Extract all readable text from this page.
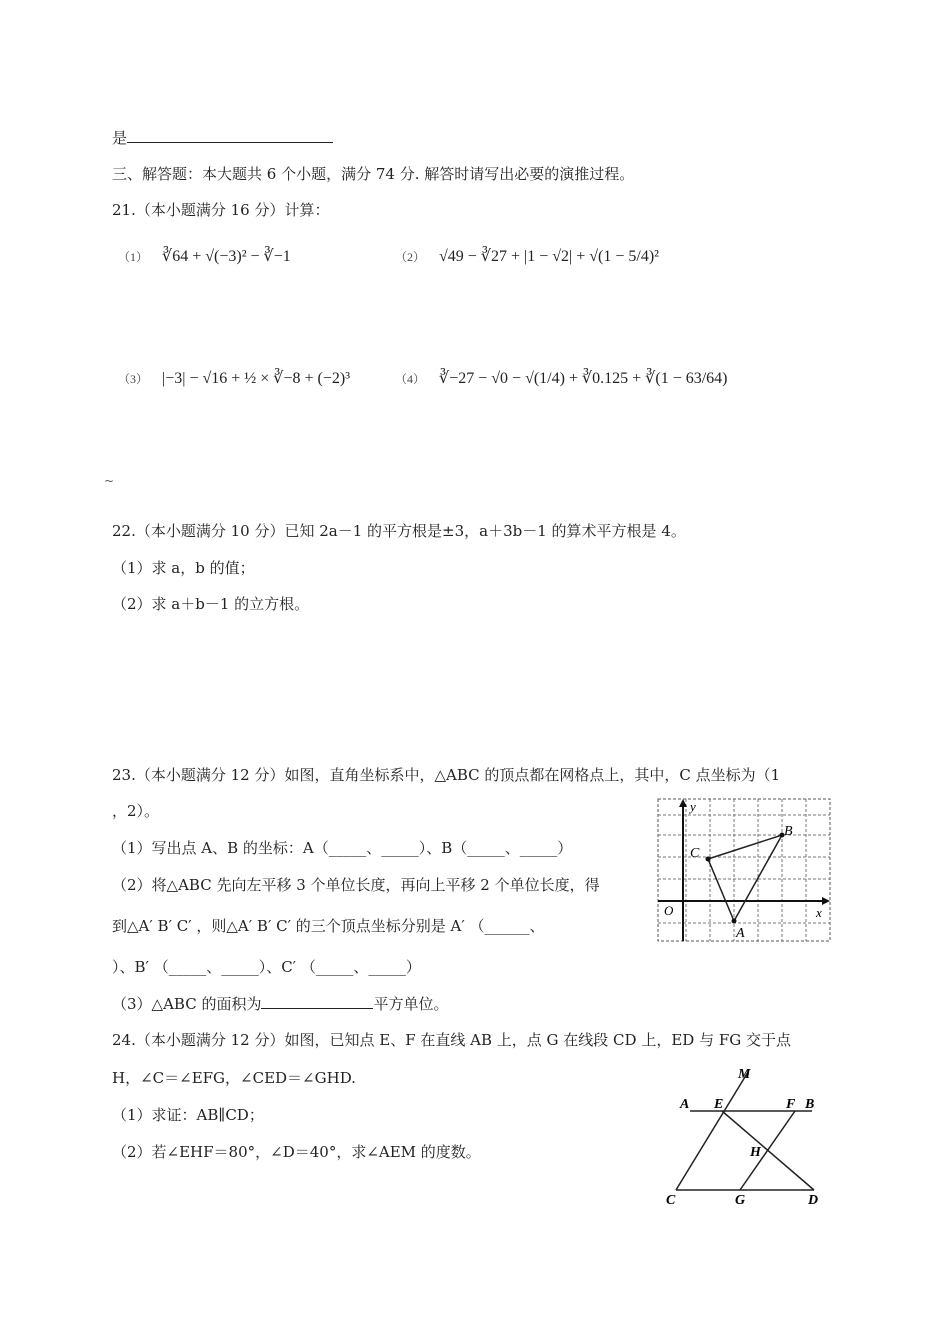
是
三、解答题：本大题共 6 个小题，满分 74 分. 解答时请写出必要的演推过程。
21.（本小题满分 16 分）计算：
（1） ∛64 + √(−3)² − ∛−1	（2） √49 − ∛27 + |1 − √2| + √(1 − 5/4)²
（3） |−3| − √16 + ½ × ∛−8 + (−2)³	（4） ∛−27 − √0 − √(1/4) + ∛0.125 + ∛(1 − 63/64)
~
22.（本小题满分 10 分）已知 2a－1 的平方根是±3，a＋3b－1 的算术平方根是 4。
（1）求 a，b 的值；
（2）求 a＋b－1 的立方根。
23.（本小题满分 12 分）如图，直角坐标系中，△ABC 的顶点都在网格点上，其中，C 点坐标为（1
，2）。
（1）写出点 A、B 的坐标：A（_____、_____）、B（_____、_____）
（2）将△ABC 先向左平移 3 个单位长度，再向上平移 2 个单位长度，得
到△A′ B′ C′ ，则△A′ B′ C′ 的三个顶点坐标分别是 A′ （______、
）、B′ （_____、_____）、C′ （_____、_____）
（3）△ABC 的面积为	平方单位。
y
x
O
C
B
A
24.（本小题满分 12 分）如图，已知点 E、F 在直线 AB 上，点 G 在线段 CD 上，ED 与 FG 交于点
H，∠C＝∠EFG，∠CED＝∠GHD.
（1）求证：AB∥CD；
（2）若∠EHF＝80°，∠D＝40°，求∠AEM 的度数。
M
A E	F B
H
C	G	D
